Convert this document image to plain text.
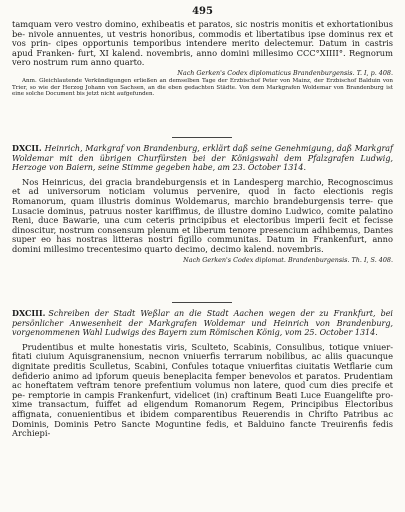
495

tamquam vero vestro domino, exhibeatis et paratos, sic nostris monitis et exhortationibus be- nivole annuentes, ut vestris honoribus, commodis et libertatibus ipse dominus rex et vos prin- cipes opportunis temporibus intendere merito delectemur. Datum in castris apud Franken- furt, XI kalend. novembris, anno domini millesimo CCC°XIIII°. Regnorum vero nostrum rum anno quarto.

Nach Gerken's Codex diplomaticus Brandenburgensis. T. I, p. 408.

Anm. Gleichlautende Verkündigungen erließen an demselben Tage der Erzbischof Peter von Mainz, der Erzbischof Balduin von Trier, so wie der Herzog Johann von Sachsen, an die eben gedachten Städte. Von dem Markgrafen Woldemar von Brandenburg ist eine solche Document bis jetzt nicht aufgefunden.

DXCII. Heinrich, Markgraf von Brandenburg, erklärt daß seine Genehmigung, daß Markgraf Woldemar mit den übrigen Churfürsten bei der Königswahl dem Pfalzgrafen Ludwig, Herzoge von Baiern, seine Stimme gegeben habe, am 23. October 1314.

Nos Heinricus, dei gracia brandeburgensis et in Landesperg marchio, Recognoscimus et ad universorum noticiam volumus pervenire, quod in facto electionis regis Romanorum, quam illustris dominus Woldemarus, marchio brandeburgensis terre- que Lusacie dominus, patruus noster kariffimus, de illustre domino Ludwico, comite palatino Reni, duce Bawarie, una cum ceteris principibus et electoribus imperii fecit et fecisse dinoscitur, nostrum consensum plenum et liberum tenore presencium adhibemus, Dantes super eo has nostras litteras nostri figillo communitas. Datum in Frankenfurt, anno domini millesimo trecentesimo quarto decimo, decimo kalend. novembris.

Nach Gerken's Codex diplomat. Brandenburgensis. Th. I, S. 408.

DXCIII. Schreiben der Stadt Weßlar an die Stadt Aachen wegen der zu Frankfurt, bei persönlicher Anwesenheit der Markgrafen Woldemar und Heinrich von Brandenburg, vorgenommenen Wahl Ludwigs des Bayern zum Römischen König, vom 25. October 1314.

Prudentibus et multe honestatis viris, Sculteto, Scabinis, Consulibus, totique vniuer- fitati ciuium Aquisgranensium, necnon vniuerfis terrarum nobilibus, ac aliis quacunque dignitate preditis Sculletus, Scabini, Confules totaque vniuerfitas ciuitatis Wetflarie cum defiderio animo ad ipforum queuis beneplacita femper benevolos et paratos. Prudentiam ac honeftatem veftram tenore prefentium volumus non latere, quod cum dies precife et pe- remptorie in campis Frankenfurt, videlicet (in) craftinum Beati Luce Euangelifte pro- xime transactum, fuiffet ad eligendum Romanorum Regem, Principibus Electoribus affignata, conuenientibus et ibidem comparentibus Reuerendis in Chrifto Patribus ac Dominis, Dominis Petro Sancte Moguntine fedis, et Balduino fancte Treuirenfis fedis Archiepi-
